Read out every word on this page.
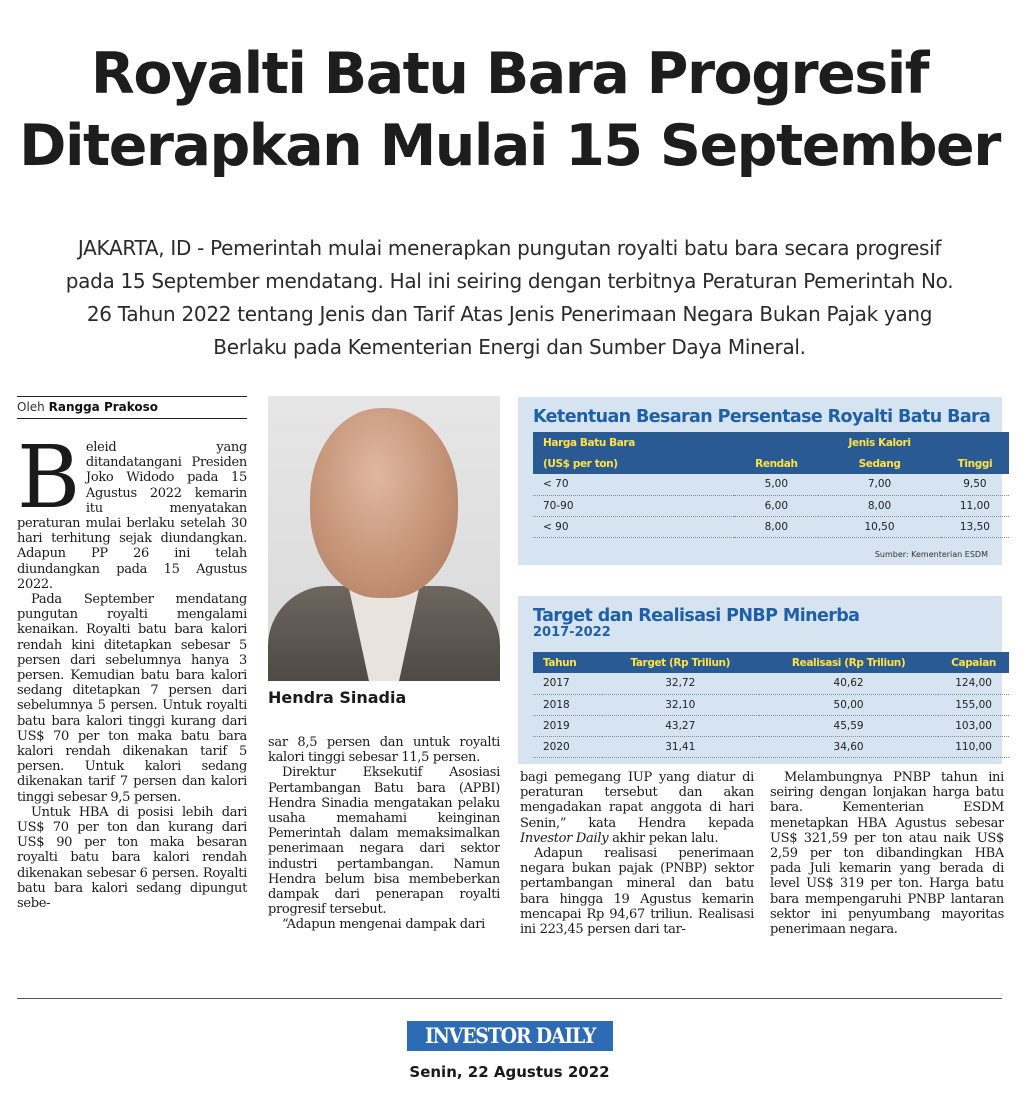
Royalti Batu Bara Progresif
Diterapkan Mulai 15 September

JAKARTA, ID - Pemerintah mulai menerapkan pungutan royalti batu bara secara progresif pada 15 September mendatang. Hal ini seiring dengan terbitnya Peraturan Pemerintah No. 26 Tahun 2022 tentang Jenis dan Tarif Atas Jenis Penerimaan Negara Bukan Pajak yang Berlaku pada Kementerian Energi dan Sumber Daya Mineral.

Oleh Rangga Prakoso
B eleid yang ditandatangani Presiden Joko Widodo pada 15 Agustus 2022 kemarin itu menyatakan peraturan mulai berlaku setelah 30 hari terhitung sejak diundangkan. Adapun PP 26 ini telah diundangkan pada 15 Agustus 2022.

Pada September mendatang pungutan royalti mengalami kenaikan. Royalti batu bara kalori rendah kini ditetapkan sebesar 5 persen dari sebelumnya hanya 3 persen. Kemudian batu bara kalori sedang ditetapkan 7 persen dari sebelumnya 5 persen. Untuk royalti batu bara kalori tinggi kurang dari US$ 70 per ton maka batu bara kalori rendah dikenakan tarif 5 persen. Untuk kalori sedang dikenakan tarif 7 persen dan kalori tinggi sebesar 9,5 persen.

Untuk HBA di posisi lebih dari US$ 70 per ton dan kurang dari US$ 90 per ton maka besaran royalti batu bara kalori rendah dikenakan sebesar 6 persen. Royalti batu bara kalori sedang dipungut sebe-

Hendra Sinadia

sar 8,5 persen dan untuk royalti kalori tinggi sebesar 11,5 persen.

Direktur Eksekutif Asosiasi Pertambangan Batu bara (APBI) Hendra Sinadia mengatakan pelaku usaha memahami keinginan Pemerintah dalam memaksimalkan penerimaan negara dari sektor industri pertambangan. Namun Hendra belum bisa membeberkan dampak dari penerapan royalti progresif tersebut.

“Adapun mengenai dampak dari

Ketentuan Besaran Persentase Royalti Batu Bara
Harga Batu Bara		Jenis Kalori	
(US$ per ton)	Rendah	Sedang	Tinggi
< 70	5,00	7,00	9,50
70-90	6,00	8,00	11,00
< 90	8,00	10,50	13,50
Sumber: Kementerian ESDM
Target dan Realisasi PNBP Minerba
2017-2022
Tahun	Target (Rp Triliun)	Realisasi (Rp Triliun)	Capaian
2017	32,72	40,62	124,00
2018	32,10	50,00	155,00
2019	43,27	45,59	103,00
2020	31,41	34,60	110,00

bagi pemegang IUP yang diatur di peraturan tersebut dan akan mengadakan rapat anggota di hari Senin,” kata Hendra kepada Investor Daily akhir pekan lalu.

Adapun realisasi penerimaan negara bukan pajak (PNBP) sektor pertambangan mineral dan batu bara hingga 19 Agustus kemarin mencapai Rp 94,67 triliun. Realisasi ini 223,45 persen dari tar-

Melambungnya PNBP tahun ini seiring dengan lonjakan harga batu bara. Kementerian ESDM menetapkan HBA Agustus sebesar US$ 321,59 per ton atau naik US$ 2,59 per ton dibandingkan HBA pada Juli kemarin yang berada di level US$ 319 per ton. Harga batu bara mempengaruhi PNBP lantaran sektor ini penyumbang mayoritas penerimaan negara.

INVESTOR DAILY
Senin, 22 Agustus 2022
